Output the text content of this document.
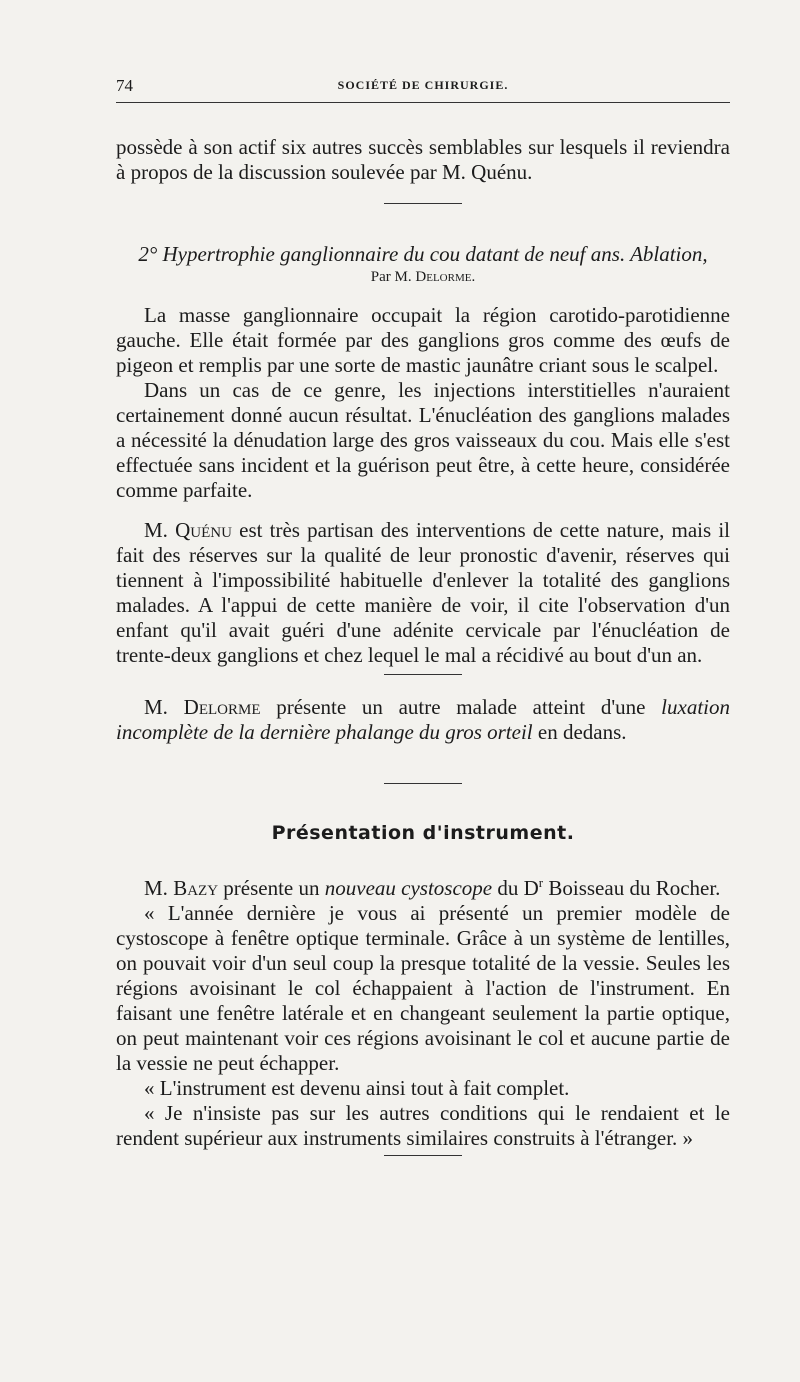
74	SOCIÉTÉ DE CHIRURGIE.

possède à son actif six autres succès semblables sur lesquels il reviendra à propos de la discussion soulevée par M. Quénu.

2° Hypertrophie ganglionnaire du cou datant de neuf ans. Ablation,
Par M. Delorme.

La masse ganglionnaire occupait la région carotido-parotidienne gauche. Elle était formée par des ganglions gros comme des œufs de pigeon et remplis par une sorte de mastic jaunâtre criant sous le scalpel.

Dans un cas de ce genre, les injections interstitielles n'auraient certainement donné aucun résultat. L'énucléation des ganglions malades a nécessité la dénudation large des gros vaisseaux du cou. Mais elle s'est effectuée sans incident et la guérison peut être, à cette heure, considérée comme parfaite.

M. Quénu est très partisan des interventions de cette nature, mais il fait des réserves sur la qualité de leur pronostic d'avenir, réserves qui tiennent à l'impossibilité habituelle d'enlever la totalité des ganglions malades. A l'appui de cette manière de voir, il cite l'observation d'un enfant qu'il avait guéri d'une adénite cervicale par l'énucléation de trente-deux ganglions et chez lequel le mal a récidivé au bout d'un an.

M. Delorme présente un autre malade atteint d'une luxation incomplète de la dernière phalange du gros orteil en dedans.

Présentation d'instrument.

M. Bazy présente un nouveau cystoscope du $D^r$ Boisseau du Rocher.

« L'année dernière je vous ai présenté un premier modèle de cystoscope à fenêtre optique terminale. Grâce à un système de lentilles, on pouvait voir d'un seul coup la presque totalité de la vessie. Seules les régions avoisinant le col échappaient à l'action de l'instrument. En faisant une fenêtre latérale et en changeant seulement la partie optique, on peut maintenant voir ces régions avoisinant le col et aucune partie de la vessie ne peut échapper.

« L'instrument est devenu ainsi tout à fait complet.

« Je n'insiste pas sur les autres conditions qui le rendaient et le rendent supérieur aux instruments similaires construits à l'étranger. »
